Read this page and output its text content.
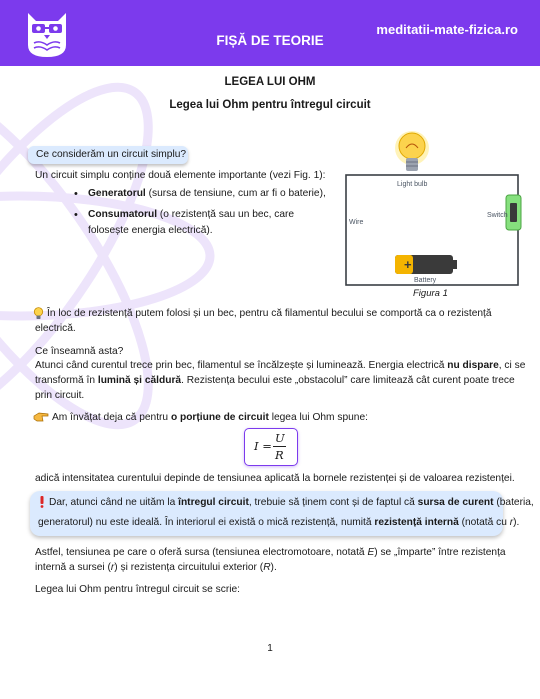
FIȘĂ DE TEORIE
meditatii-mate-fizica.ro
LEGEA LUI OHM
Legea lui Ohm pentru întregul circuit
Ce considerăm un circuit simplu?
Un circuit simplu conține două elemente importante (vezi Fig. 1):
• Generatorul (sursa de tensiune, cum ar fi o baterie),
• Consumatorul (o rezistență sau un bec, care
folosește energia electrică).
+
Light bulb
Switch
Wire
Battery
Figura 1
În loc de rezistență putem folosi și un bec, pentru că filamentul becului se comportă ca o rezistență
electrică.
Ce înseamnă asta?
Atunci când curentul trece prin bec, filamentul se încălzește și luminează. Energia electrică nu dispare, ci se
transformă în lumină și căldură. Rezistența becului este „obstacolul” care limitează cât curent poate trece
prin circuit.
Am învățat deja că pentru o porțiune de circuit legea lui Ohm spune:
I =
U
R
adică intensitatea curentului depinde de tensiunea aplicată la bornele rezistenței și de valoarea rezistenței.
Dar, atunci când ne uităm la întregul circuit, trebuie să ținem cont și de faptul că sursa de curent (bateria,
generatorul) nu este ideală. În interiorul ei există o mică rezistență, numită rezistență internă (notată cu r).
Astfel, tensiunea pe care o oferă sursa (tensiunea electromotoare, notată E) se „împarte” între rezistența
internă a sursei (r) și rezistența circuitului exterior (R).
Legea lui Ohm pentru întregul circuit se scrie:
1
